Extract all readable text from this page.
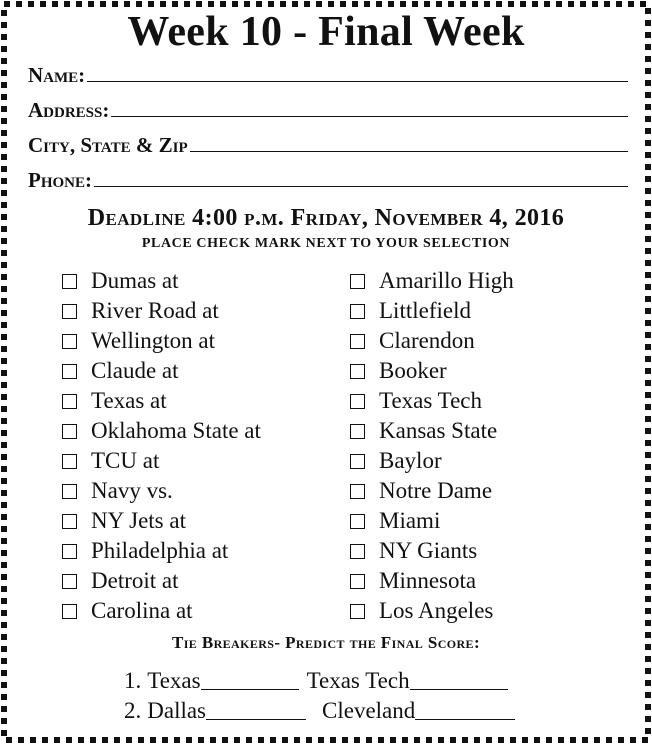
Week 10 - Final Week
Name:
Address:
City, State & Zip
Phone:
Deadline 4:00 p.m. Friday, November 4, 2016
PLACE CHECK MARK NEXT TO YOUR SELECTION
Dumas at
River Road at
Wellington at
Claude at
Texas at
Oklahoma State at
TCU at
Navy vs.
NY Jets at
Philadelphia at
Detroit at
Carolina at
Amarillo High
Littlefield
Clarendon
Booker
Texas Tech
Kansas State
Baylor
Notre Dame
Miami
NY Giants
Minnesota
Los Angeles
Tie Breakers- Predict the Final Score:
1. Texas	Texas Tech
2. Dallas	Cleveland
